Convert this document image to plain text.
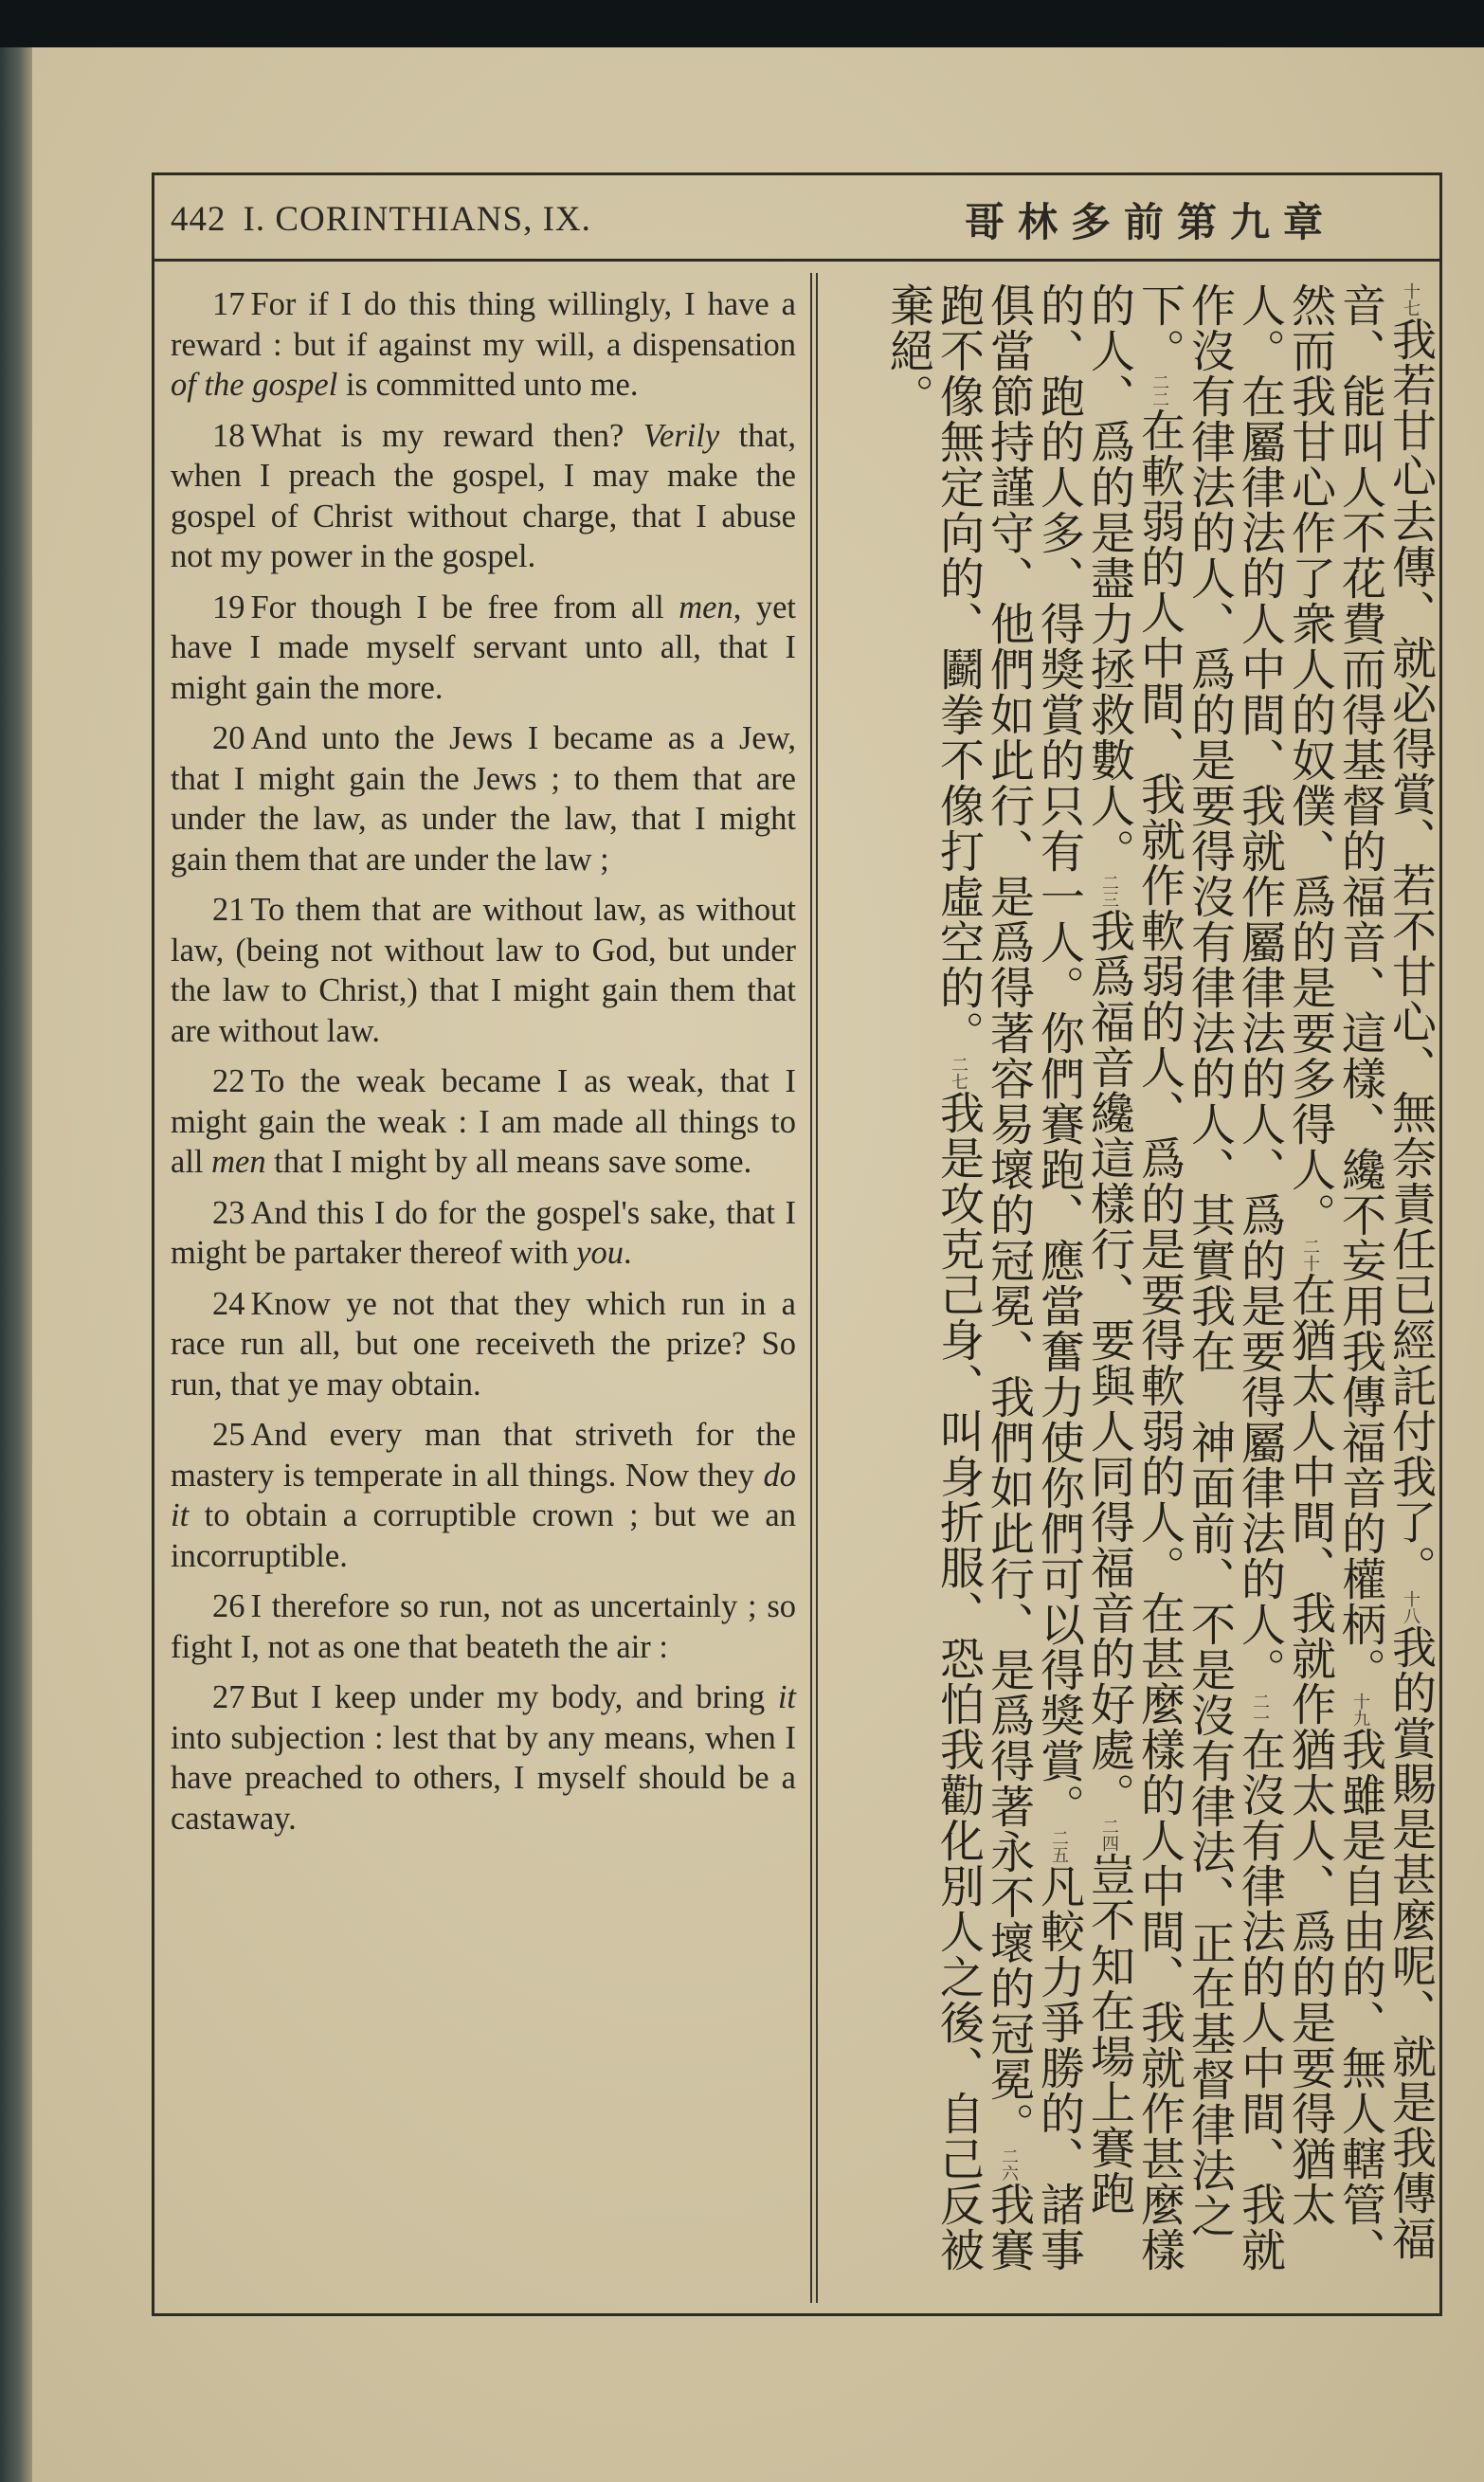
442 I. CORINTHIANS, IX.	哥林多前第九章

17 For if I do this thing willingly, I have a reward : but if against my will, a dispensation of the gospel is committed unto me.

18 What is my reward then? Verily that, when I preach the gospel, I may make the gospel of Christ without charge, that I abuse not my power in the gospel.

19 For though I be free from all men, yet have I made myself servant unto all, that I might gain the more.

20 And unto the Jews I became as a Jew, that I might gain the Jews ; to them that are under the law, as under the law, that I might gain them that are under the law ;

21 To them that are without law, as without law, (being not without law to God, but under the law to Christ,) that I might gain them that are without law.

22 To the weak became I as weak, that I might gain the weak : I am made all things to all men that I might by all means save some.

23 And this I do for the gospel's sake, that I might be partaker thereof with you.

24 Know ye not that they which run in a race run all, but one receiveth the prize? So run, that ye may obtain.

25 And every man that striveth for the mastery is temperate in all things. Now they do it to obtain a corruptible crown ; but we an incorruptible.

26 I therefore so run, not as uncertainly ; so fight I, not as one that beateth the air :

27 But I keep under my body, and bring it into subjection : lest that by any means, when I have preached to others, I myself should be a castaway.

十七我若甘心去傳、就必得賞、若不甘心、無奈責任已經託付我了。十八我的賞賜是甚麼呢、就是我傳福音、能叫人不花費而得基督的福音、這樣、纔不妄用我傳福音的權柄。十九我雖是自由的、無人轄管、然而我甘心作了衆人的奴僕、爲的是要多得人。二十在猶太人中間、我就作猶太人、爲的是要得猶太人。在屬律法的人中間、我就作屬律法的人、爲的是要得屬律法的人。二一在沒有律法的人中間、我就作沒有律法的人、爲的是要得沒有律法的人、其實我在　神面前、不是沒有律法、正在基督律法之下。二二在軟弱的人中間、我就作軟弱的人、爲的是要得軟弱的人。在甚麼樣的人中間、我就作甚麼樣的人、爲的是盡力拯救數人。二三我爲福音纔這樣行、要與人同得福音的好處。二四豈不知在場上賽跑的、跑的人多、得獎賞的只有一人。你們賽跑、應當奮力使你們可以得獎賞。二五凡較力爭勝的、諸事俱當節持謹守、他們如此行、是爲得著容易壞的冠冕、我們如此行、是爲得著永不壞的冠冕。二六我賽跑不像無定向的、鬬拳不像打虛空的。二七我是攻克己身、叫身折服、恐怕我勸化別人之後、自己反被棄絕。
